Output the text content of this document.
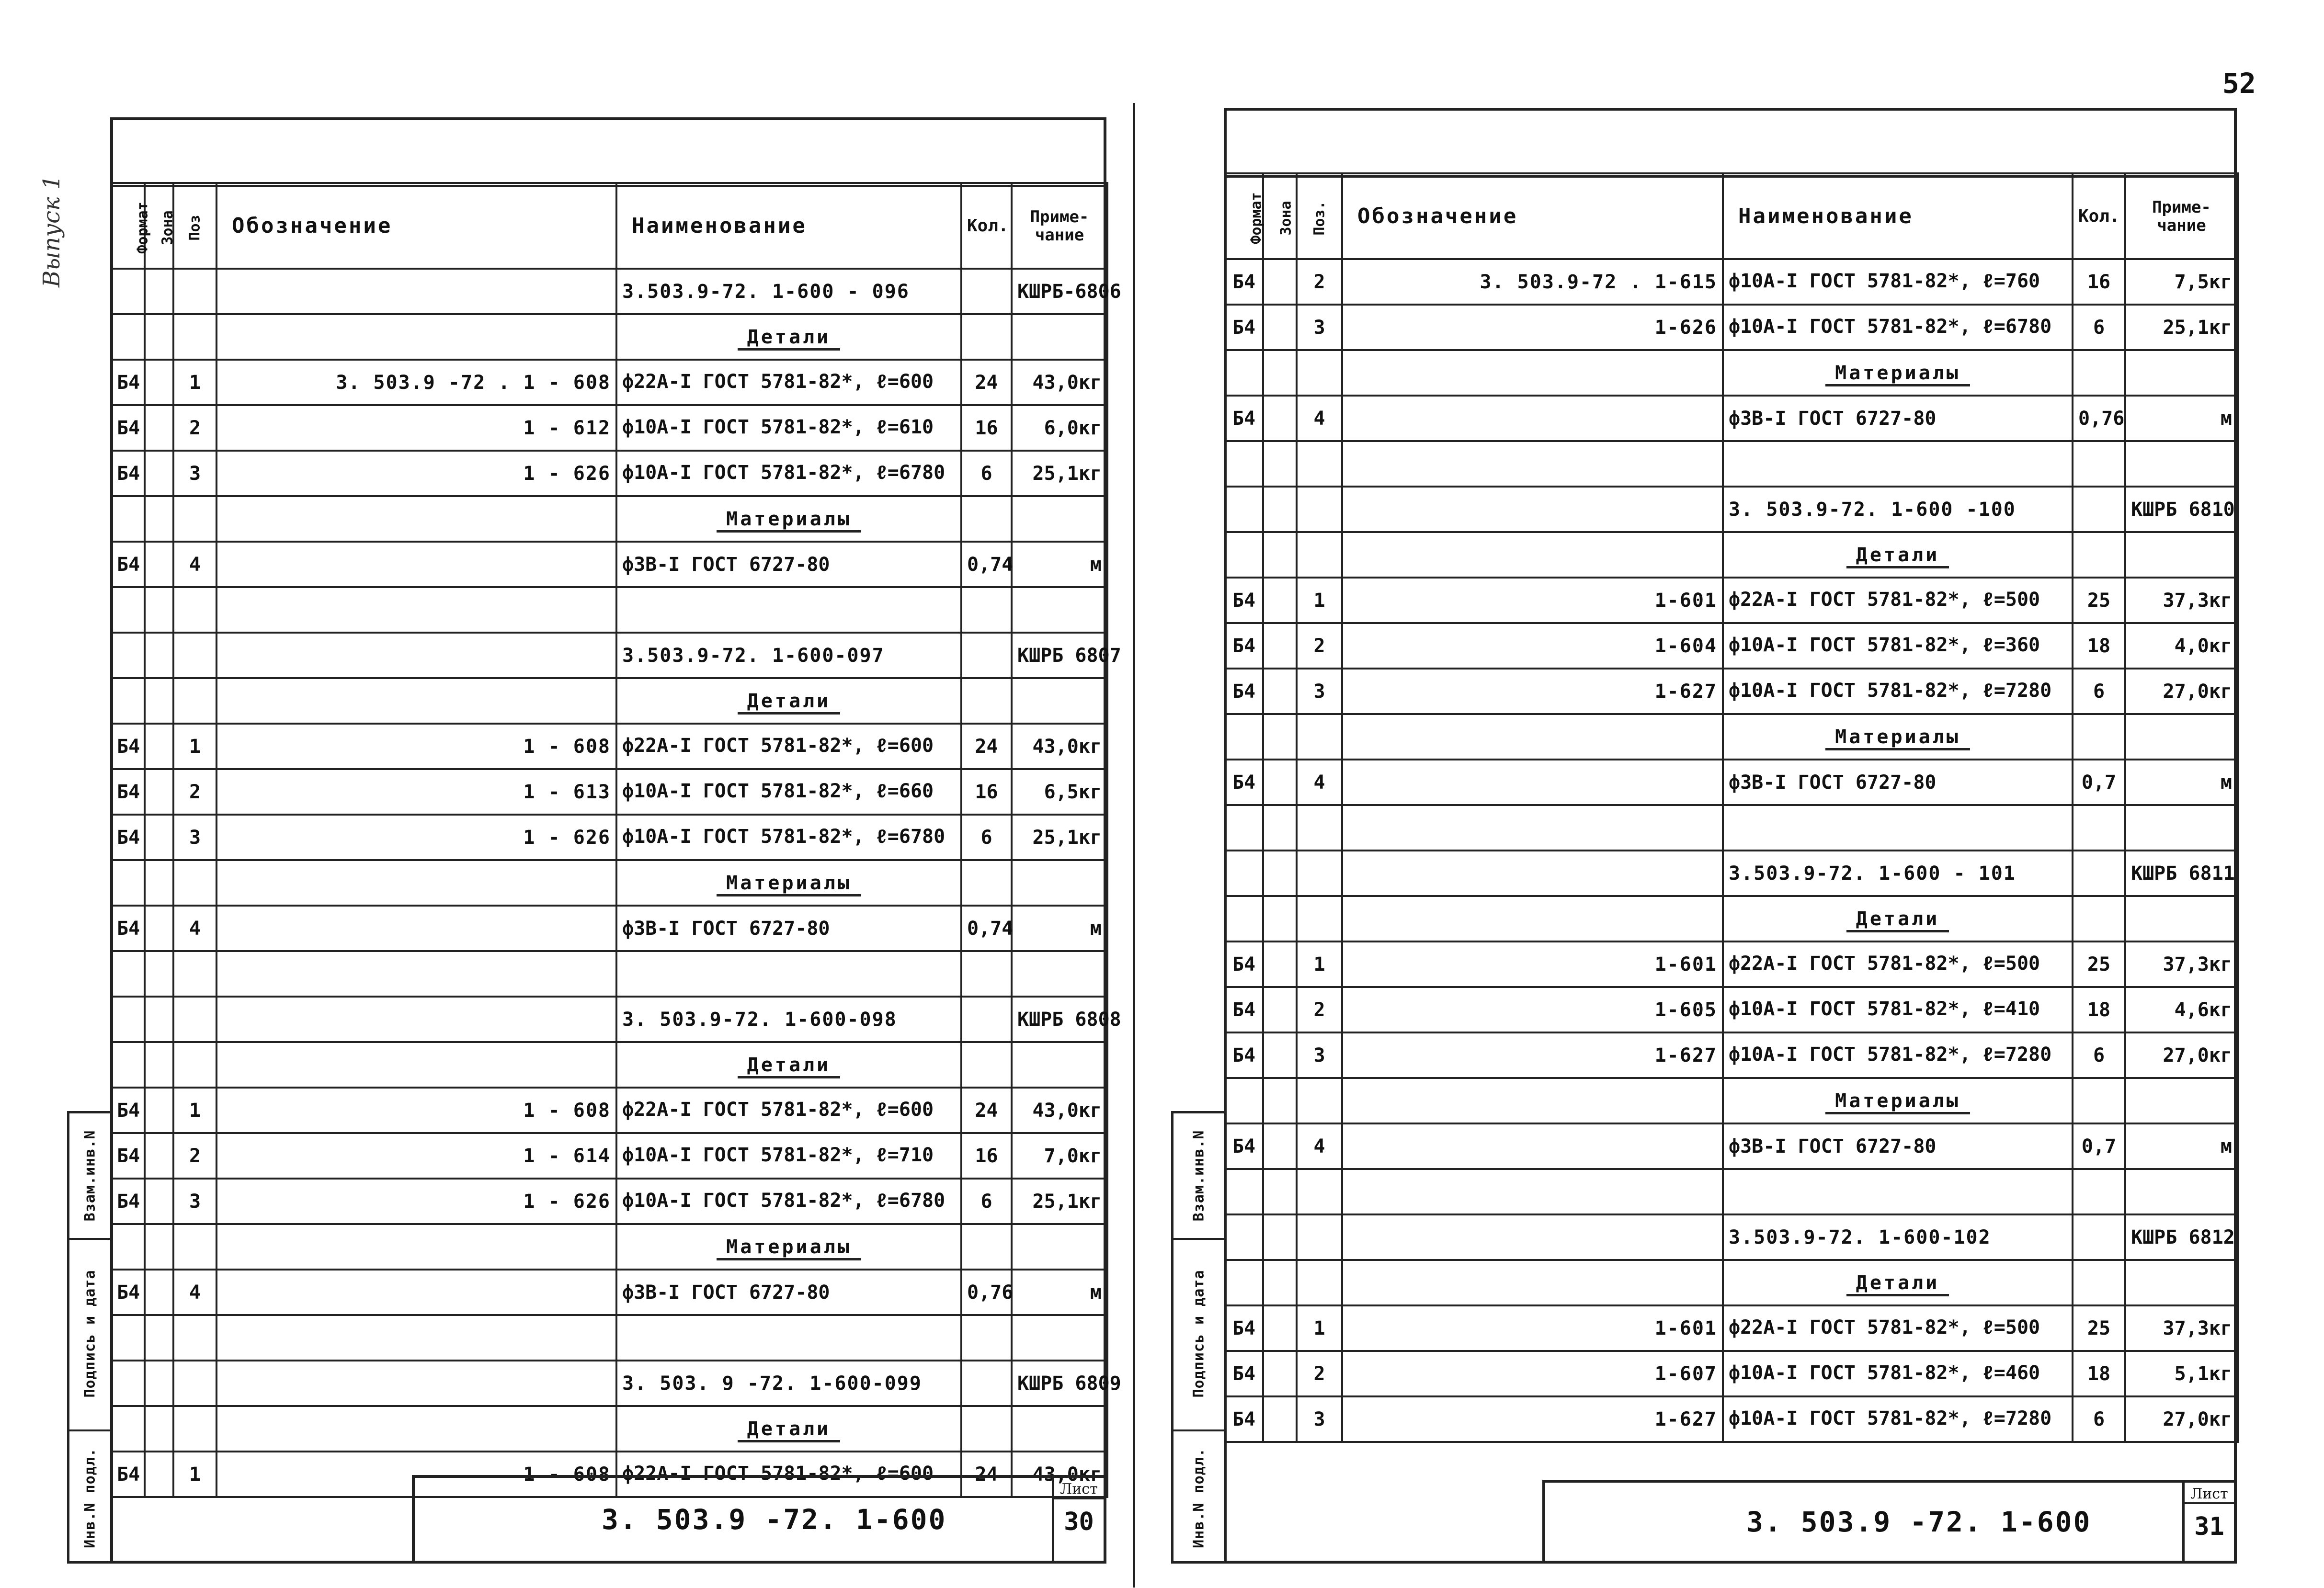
52
Выпуск 1
Взам.инв.N
Подпись и дата
Инв.N подл.
Формат	Зона	Поз	Обозначение	Наименование	Кол.	Приме-чание
				3.503.9-72. 1-600 - 096		КШРБ-6806
				Детали		
Б4		1	3. 503.9 -72 . 1 - 608	ф22А-I ГОСТ 5781-82*, ℓ=600	24	43,0кг
Б4		2	1 - 612	ф10А-I ГОСТ 5781-82*, ℓ=610	16	6,0кг
Б4		3	1 - 626	ф10А-I ГОСТ 5781-82*, ℓ=6780	6	25,1кг
				Материалы		
Б4		4		ф3В-I ГОСТ 6727-80	0,74	м

				3.503.9-72. 1-600-097		КШРБ 6807
				Детали		
Б4		1	1 - 608	ф22А-I ГОСТ 5781-82*, ℓ=600	24	43,0кг
Б4		2	1 - 613	ф10А-I ГОСТ 5781-82*, ℓ=660	16	6,5кг
Б4		3	1 - 626	ф10А-I ГОСТ 5781-82*, ℓ=6780	6	25,1кг
				Материалы		
Б4		4		ф3В-I ГОСТ 6727-80	0,74	м

				3. 503.9-72. 1-600-098		КШРБ 6808
				Детали		
Б4		1	1 - 608	ф22А-I ГОСТ 5781-82*, ℓ=600	24	43,0кг
Б4		2	1 - 614	ф10А-I ГОСТ 5781-82*, ℓ=710	16	7,0кг
Б4		3	1 - 626	ф10А-I ГОСТ 5781-82*, ℓ=6780	6	25,1кг
				Материалы		
Б4		4		ф3В-I ГОСТ 6727-80	0,76	м

				3. 503. 9 -72. 1-600-099		КШРБ 6809
				Детали		
Б4		1	1 - 608	ф22А-I ГОСТ 5781-82*, ℓ=600	24	43,0кг
3. 503.9 -72. 1-600
Лист
30
Взам.инв.N
Подпись и дата
Инв.N подл.
Формат	Зона	Поз.	Обозначение	Наименование	Кол.	Приме-чание
Б4		2	3. 503.9-72 . 1-615	ф10А-I ГОСТ 5781-82*, ℓ=760	16	7,5кг
Б4		3	1-626	ф10А-I ГОСТ 5781-82*, ℓ=6780	6	25,1кг
				Материалы		
Б4		4		ф3В-I ГОСТ 6727-80	0,76	м

				3. 503.9-72. 1-600 -100		КШРБ 6810
				Детали		
Б4		1	1-601	ф22А-I ГОСТ 5781-82*, ℓ=500	25	37,3кг
Б4		2	1-604	ф10А-I ГОСТ 5781-82*, ℓ=360	18	4,0кг
Б4		3	1-627	ф10А-I ГОСТ 5781-82*, ℓ=7280	6	27,0кг
				Материалы		
Б4		4		ф3В-I ГОСТ 6727-80	0,7	м

				3.503.9-72. 1-600 - 101		КШРБ 6811
				Детали		
Б4		1	1-601	ф22А-I ГОСТ 5781-82*, ℓ=500	25	37,3кг
Б4		2	1-605	ф10А-I ГОСТ 5781-82*, ℓ=410	18	4,6кг
Б4		3	1-627	ф10А-I ГОСТ 5781-82*, ℓ=7280	6	27,0кг
				Материалы		
Б4		4		ф3В-I ГОСТ 6727-80	0,7	м

				3.503.9-72. 1-600-102		КШРБ 6812
				Детали		
Б4		1	1-601	ф22А-I ГОСТ 5781-82*, ℓ=500	25	37,3кг
Б4		2	1-607	ф10А-I ГОСТ 5781-82*, ℓ=460	18	5,1кг
Б4		3	1-627	ф10А-I ГОСТ 5781-82*, ℓ=7280	6	27,0кг
3. 503.9 -72. 1-600
Лист
31
